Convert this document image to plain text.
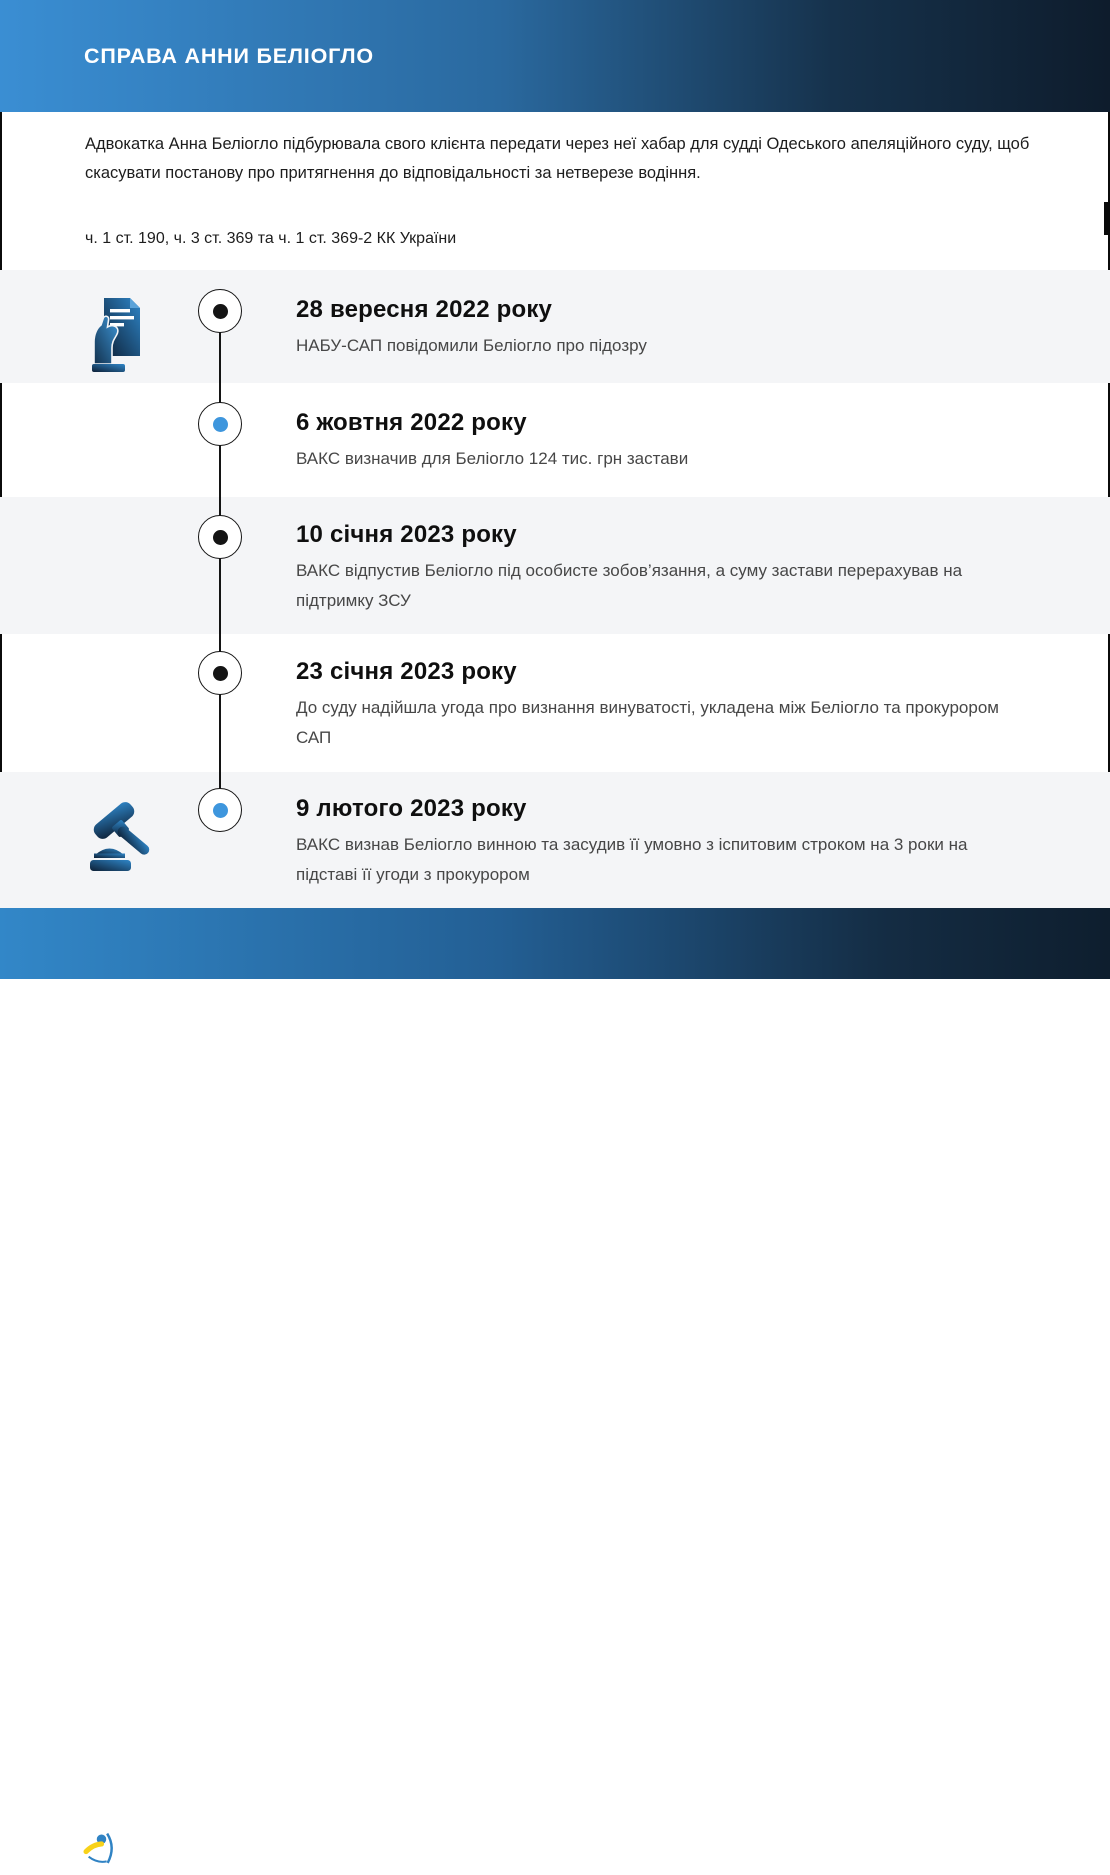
СПРАВА АННИ БЕЛІОГЛО
Адвокатка Анна Беліогло підбурювала свого клієнта передати через неї хабар для судді Одеського апеляційного суду, щоб скасувати постанову про притягнення до відповідальності за нетверезе водіння.
ч. 1 ст. 190, ч. 3 ст. 369 та ч. 1 ст. 369-2 КК України
28 вересня 2022 року
НАБУ-САП повідомили Беліогло про підозру
6 жовтня 2022 року
ВАКС визначив для Беліогло 124 тис. грн застави
10 січня 2023 року
ВАКС відпустив Беліогло під особисте зобов’язання, а суму застави перерахував на підтримку ЗСУ
23 січня 2023 року
До суду надійшла угода про визнання винуватості, укладена між Беліогло та прокурором САП
9 лютого 2023 року
ВАКС визнав Беліогло винною та засудив її умовно з іспитовим строком на 3 роки на підставі її угоди з прокурором
TRANSPARENCY
INTERNATIONAL
UKRAINE
